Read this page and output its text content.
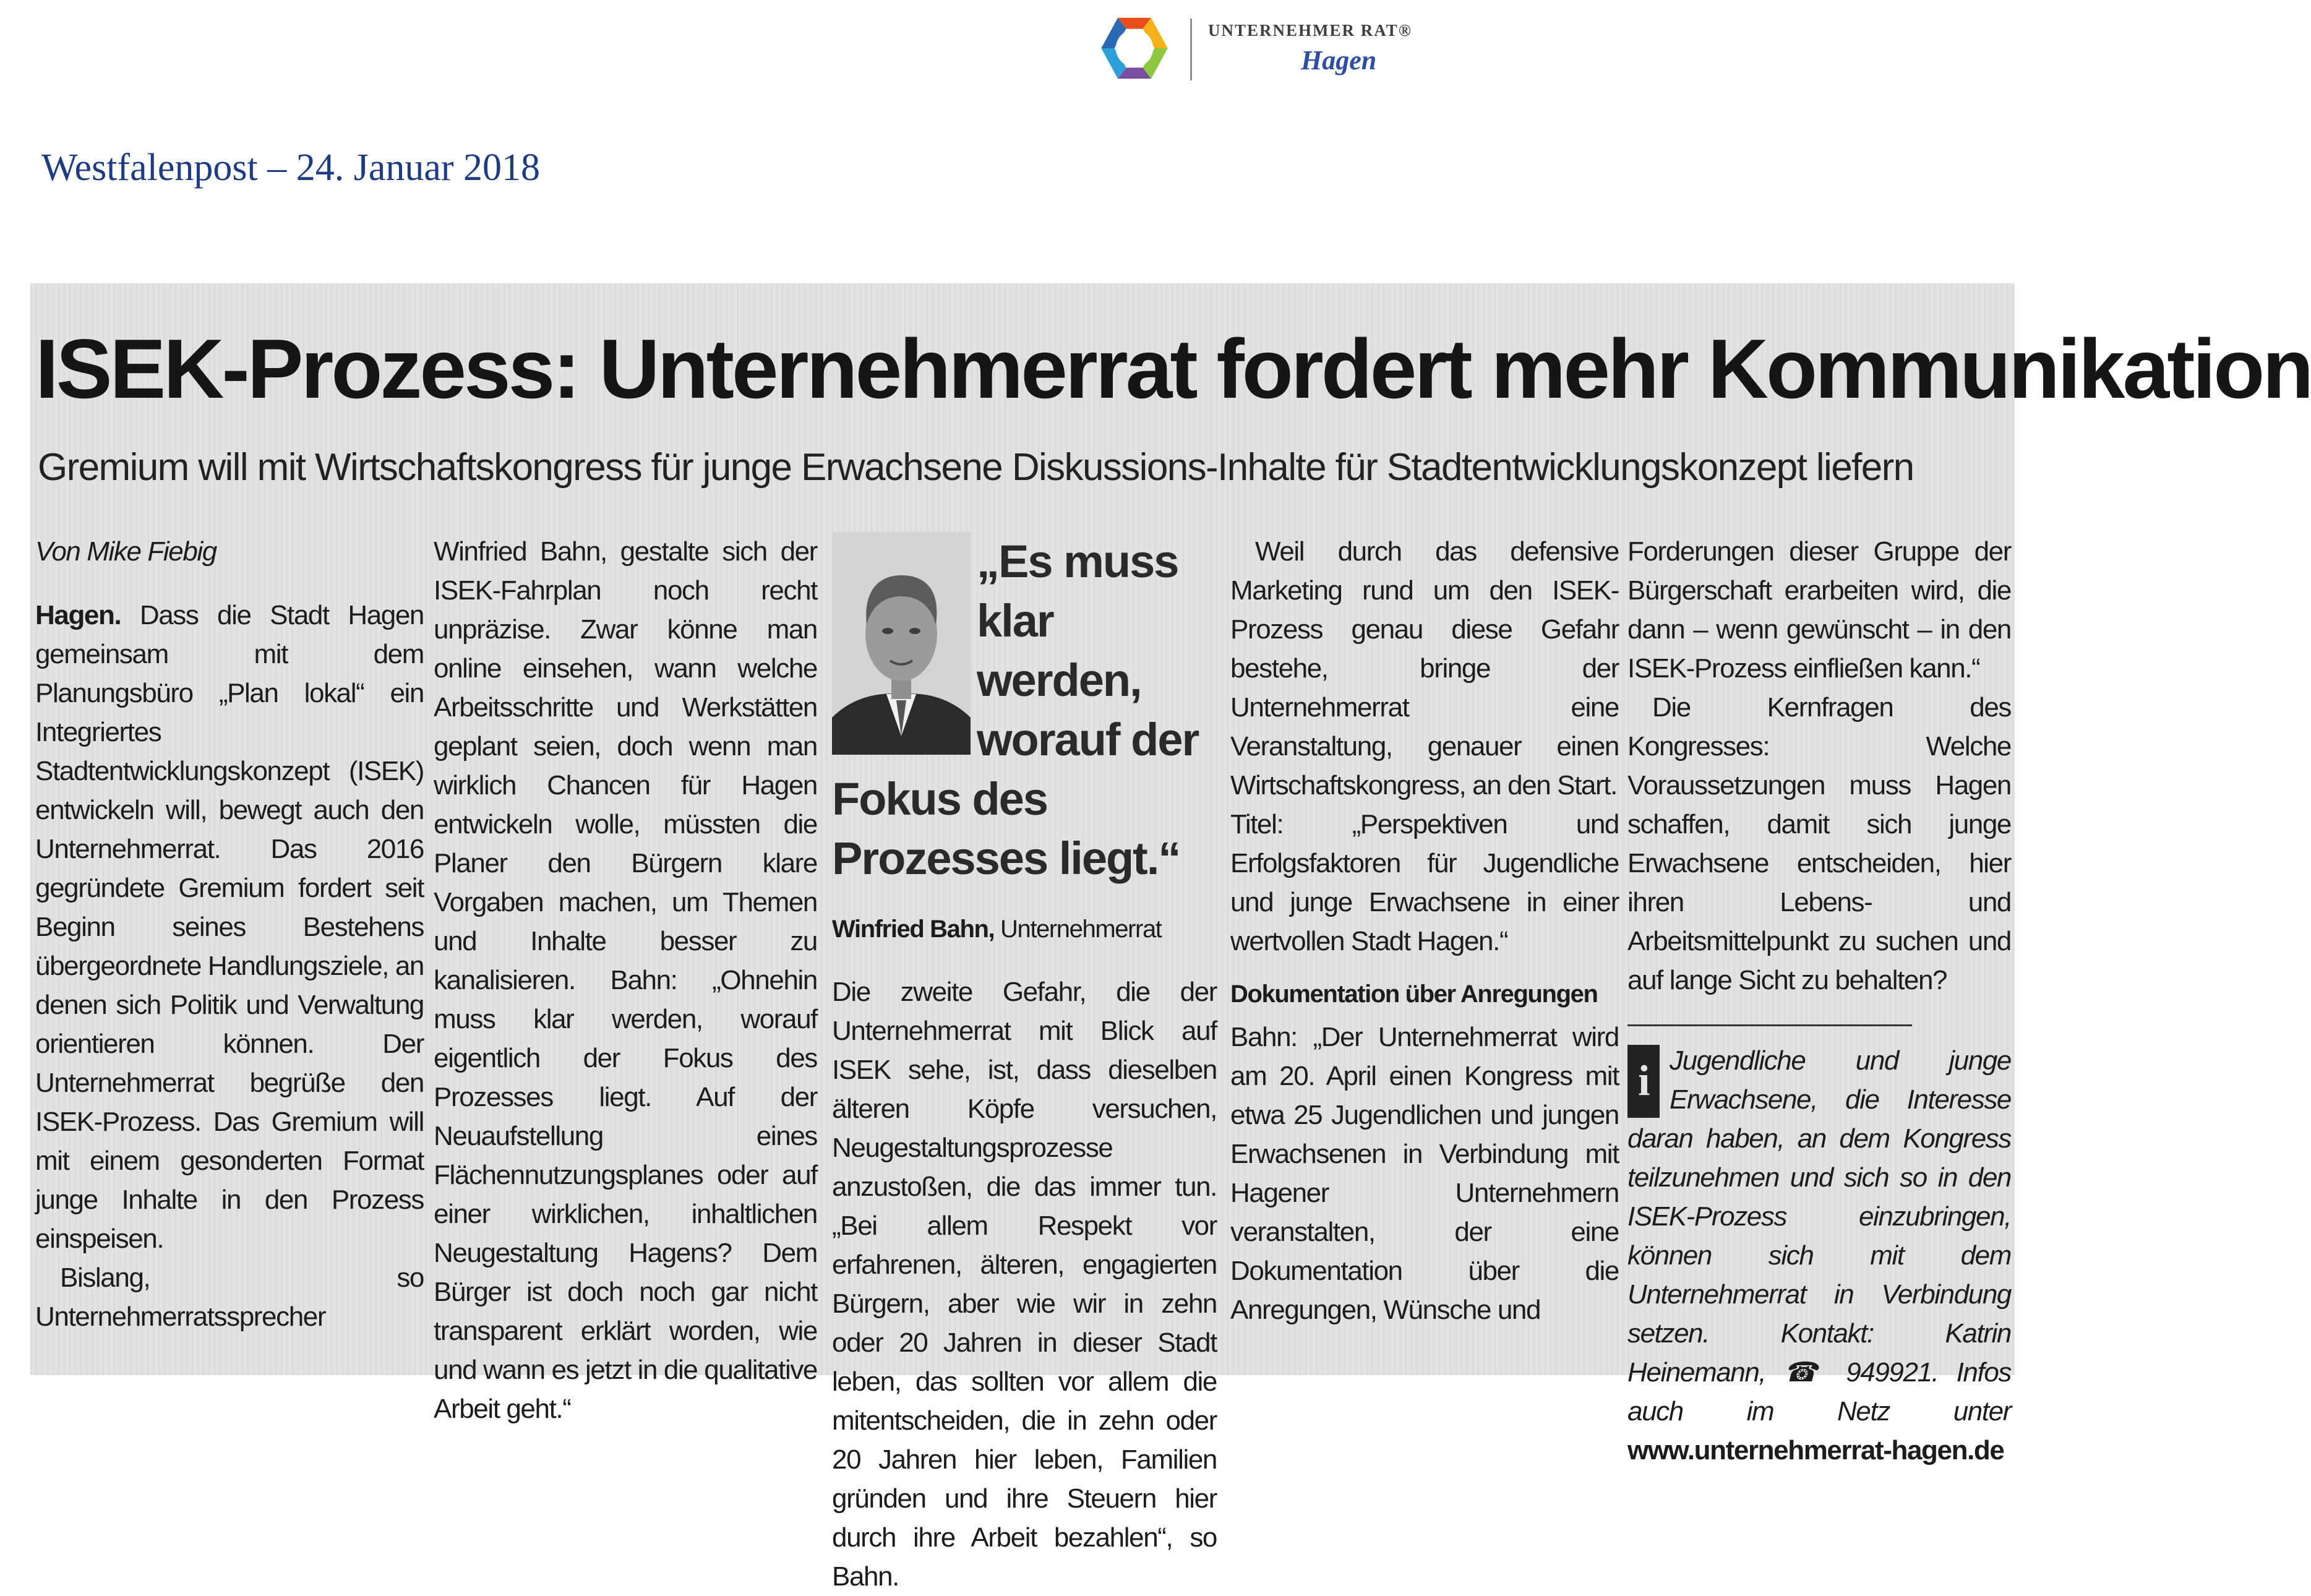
UNTERNEHMER RAT®
Hagen
Westfalenpost – 24. Januar 2018
ISEK-Prozess: Unternehmerrat fordert mehr Kommunikation
Gremium will mit Wirtschaftskongress für junge Erwachsene Diskussions-Inhalte für Stadtentwicklungskonzept liefern

Von Mike Fiebig

Hagen. Dass die Stadt Hagen gemeinsam mit dem Planungsbüro „Plan lokal“ ein Integriertes Stadtentwicklungskonzept (ISEK) entwickeln will, bewegt auch den Unternehmerrat. Das 2016 gegründete Gremium fordert seit Beginn seines Bestehens übergeordnete Handlungsziele, an denen sich Politik und Verwaltung orientieren können. Der Unternehmerrat begrüße den ISEK-Prozess. Das Gremium will mit einem gesonderten Format junge Inhalte in den Prozess einspeisen.

Bislang, so Unternehmerratssprecher

Winfried Bahn, gestalte sich der ISEK-Fahrplan noch recht unpräzise. Zwar könne man online einsehen, wann welche Arbeitsschritte und Werkstätten geplant seien, doch wenn man wirklich Chancen für Hagen entwickeln wolle, müssten die Planer den Bürgern klare Vorgaben machen, um Themen und Inhalte besser zu kanalisieren. Bahn: „Ohnehin muss klar werden, worauf eigentlich der Fokus des Prozesses liegt. Auf der Neuaufstellung eines Flächennutzungsplanes oder auf einer wirklichen, inhaltlichen Neugestaltung Hagens? Dem Bürger ist doch noch gar nicht transparent erklärt worden, wie und wann es jetzt in die qualitative Arbeit geht.“

„Es muss klar werden, worauf der Fokus des Prozesses liegt.“
Winfried Bahn, Unternehmerrat

Die zweite Gefahr, die der Unternehmerrat mit Blick auf ISEK sehe, ist, dass dieselben älteren Köpfe versuchen, Neugestaltungsprozesse anzustoßen, die das immer tun. „Bei allem Respekt vor erfahrenen, älteren, engagierten Bürgern, aber wie wir in zehn oder 20 Jahren in dieser Stadt leben, das sollten vor allem die mitentscheiden, die in zehn oder 20 Jahren hier leben, Familien gründen und ihre Steuern hier durch ihre Arbeit bezahlen“, so Bahn.

Weil durch das defensive Marketing rund um den ISEK-Prozess genau diese Gefahr bestehe, bringe der Unternehmerrat eine Veranstaltung, genauer einen Wirtschaftskongress, an den Start.

Titel: „Perspektiven und Erfolgsfaktoren für Jugendliche und junge Erwachsene in einer wertvollen Stadt Hagen.“

Dokumentation über Anregungen

Bahn: „Der Unternehmerrat wird am 20. April einen Kongress mit etwa 25 Jugendlichen und jungen Erwachsenen in Verbindung mit Hagener Unternehmern veranstalten, der eine Dokumentation über die Anregungen, Wünsche und

Forderungen dieser Gruppe der Bürgerschaft erarbeiten wird, die dann – wenn gewünscht – in den ISEK-Prozess einfließen kann.“

Die Kernfragen des Kongresses: Welche Voraussetzungen muss Hagen schaffen, damit sich junge Erwachsene entscheiden, hier ihren Lebens- und Arbeitsmittelpunkt zu suchen und auf lange Sicht zu behalten?

i Jugendliche und junge Erwachsene, die Interesse daran haben, an dem Kongress teilzunehmen und sich so in den ISEK-Prozess einzubringen, können sich mit dem Unternehmerrat in Verbindung setzen. Kontakt: Katrin Heinemann, ☎ 949921. Infos auch im Netz unter www.unternehmerrat-hagen.de
